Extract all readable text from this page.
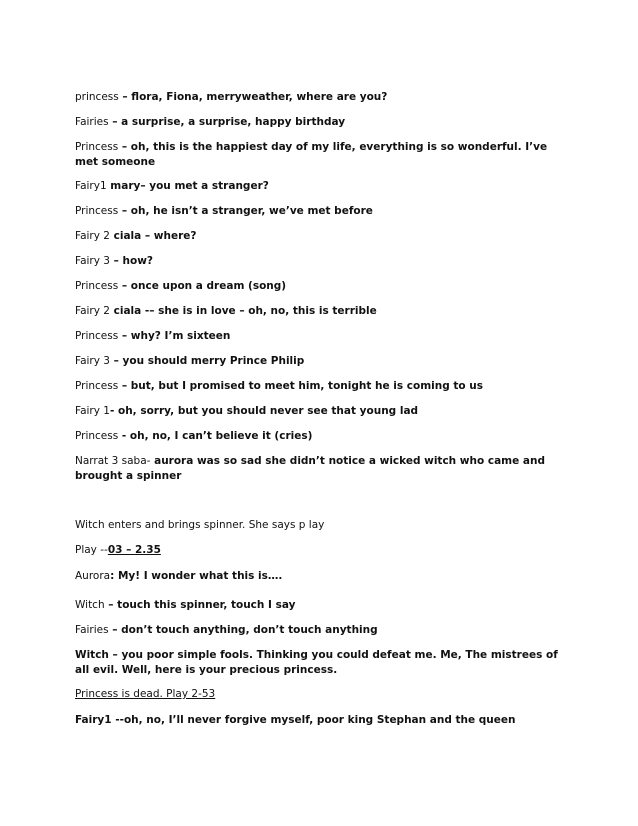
princess – flora, Fiona, merryweather, where are you?
Fairies – a surprise, a surprise, happy birthday
Princess – oh, this is the happiest day of my life, everything is so wonderful. I’ve met someone
Fairy1 mary– you met a stranger?
Princess – oh, he isn’t a stranger, we’ve met before
Fairy 2 ciala – where?
Fairy 3 – how?
Princess – once upon a dream (song)
Fairy 2 ciala -– she is in love – oh, no, this is terrible
Princess – why? I’m sixteen
Fairy 3 – you should merry Prince Philip
Princess – but, but I promised to meet him, tonight he is coming to us
Fairy 1- oh, sorry, but you should never see that young lad
Princess - oh, no, I can’t believe it (cries)
Narrat 3 saba- aurora was so sad she didn’t notice a wicked witch who came and brought a spinner
Witch enters and brings spinner. She says p lay
Play --03 – 2.35
Aurora: My! I wonder what this is….
Witch – touch this spinner, touch I say
Fairies – don’t touch anything, don’t touch anything
Witch – you poor simple fools. Thinking you could defeat me. Me, The mistrees of all evil. Well, here is your precious princess.
Princess is dead. Play 2-53
Fairy1 --oh, no, I’ll never forgive myself, poor king Stephan and the queen
